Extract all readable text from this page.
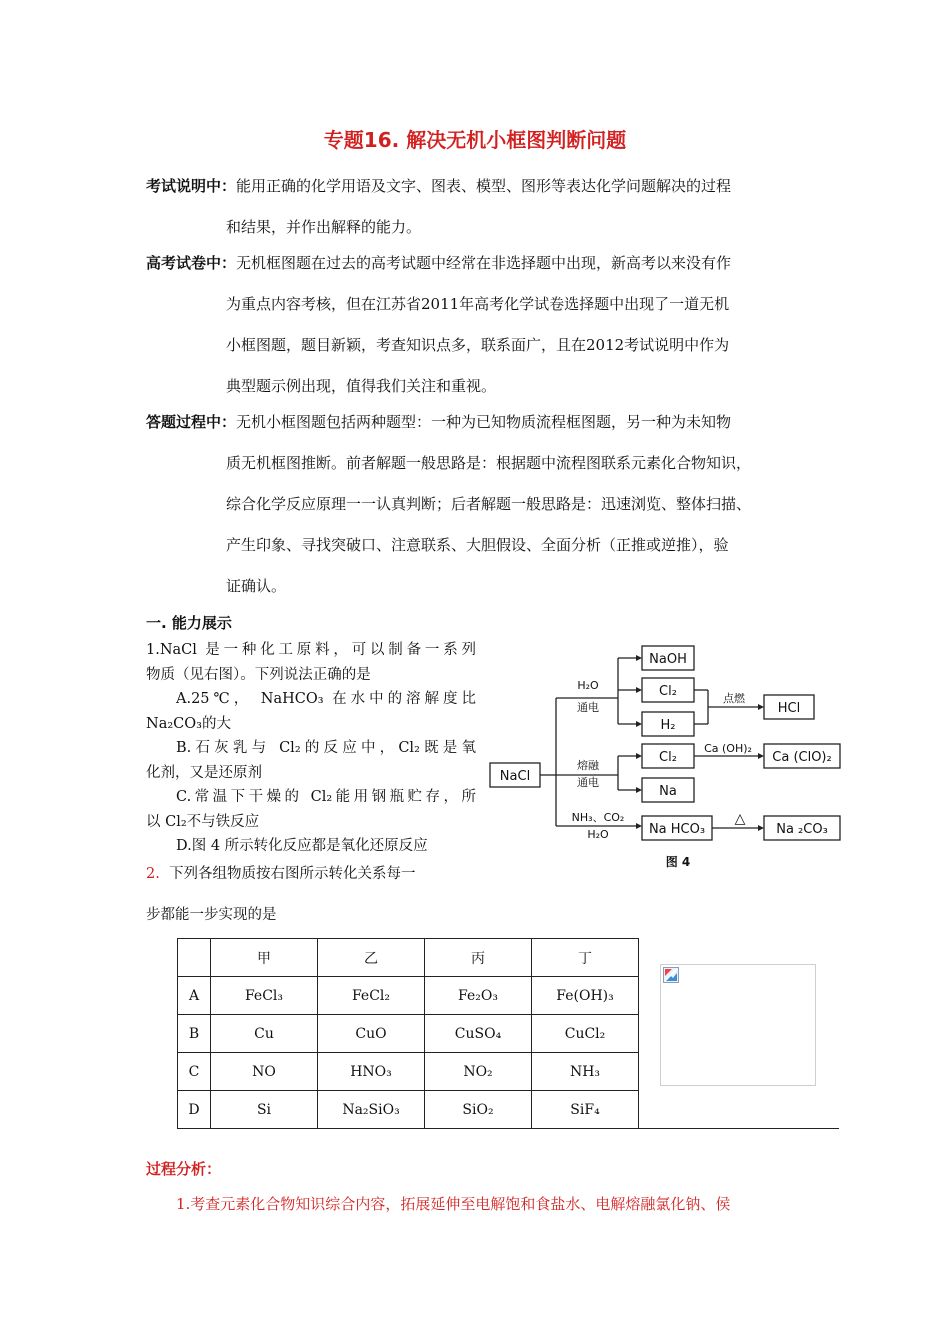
专题16. 解决无机小框图判断问题
考试说明中：能用正确的化学用语及文字、图表、模型、图形等表达化学问题解决的过程
和结果，并作出解释的能力。
高考试卷中：无机框图题在过去的高考试题中经常在非选择题中出现，新高考以来没有作
为重点内容考核，但在江苏省2011年高考化学试卷选择题中出现了一道无机
小框图题，题目新颖，考查知识点多，联系面广，且在2012考试说明中作为
典型题示例出现，值得我们关注和重视。
答题过程中：无机小框图题包括两种题型：一种为已知物质流程框图题，另一种为未知物
质无机框图推断。前者解题一般思路是：根据题中流程图联系元素化合物知识，
综合化学反应原理一一认真判断；后者解题一般思路是：迅速浏览、整体扫描、
产生印象、寻找突破口、注意联系、大胆假设、全面分析（正推或逆推），验
证确认。
一. 能力展示

1.NaCl 是一种化工原料，可以制备一系列

物质（见右图）。下列说法正确的是

A.25℃， NaHCO₃ 在水中的溶解度比

Na₂CO₃的大

B.石灰乳与 Cl₂的反应中，Cl₂既是氧

化剂，又是还原剂

C.常温下干燥的 Cl₂能用钢瓶贮存，所

以 Cl₂不与铁反应

D.图 4 所示转化反应都是氧化还原反应

2. 下列各组物质按右图所示转化关系每一
步都能一步实现的是
NaCl
NaOH
Cl₂
H₂
HCl
Cl₂
Na
Ca (ClO)₂
Na HCO₃	Na ₂CO₃
H₂O
通电
熔融
通电
点燃
Ca (OH)₂
NH₃、CO₂
H₂O
△
图 4
	甲	乙	丙	丁
A	FeCl₃	FeCl₂	Fe₂O₃	Fe(OH)₃
B	Cu	CuO	CuSO₄	CuCl₂
C	NO	HNO₃	NO₂	NH₃
D	Si	Na₂SiO₃	SiO₂	SiF₄
过程分析：
1.考查元素化合物知识综合内容，拓展延伸至电解饱和食盐水、电解熔融氯化钠、侯
